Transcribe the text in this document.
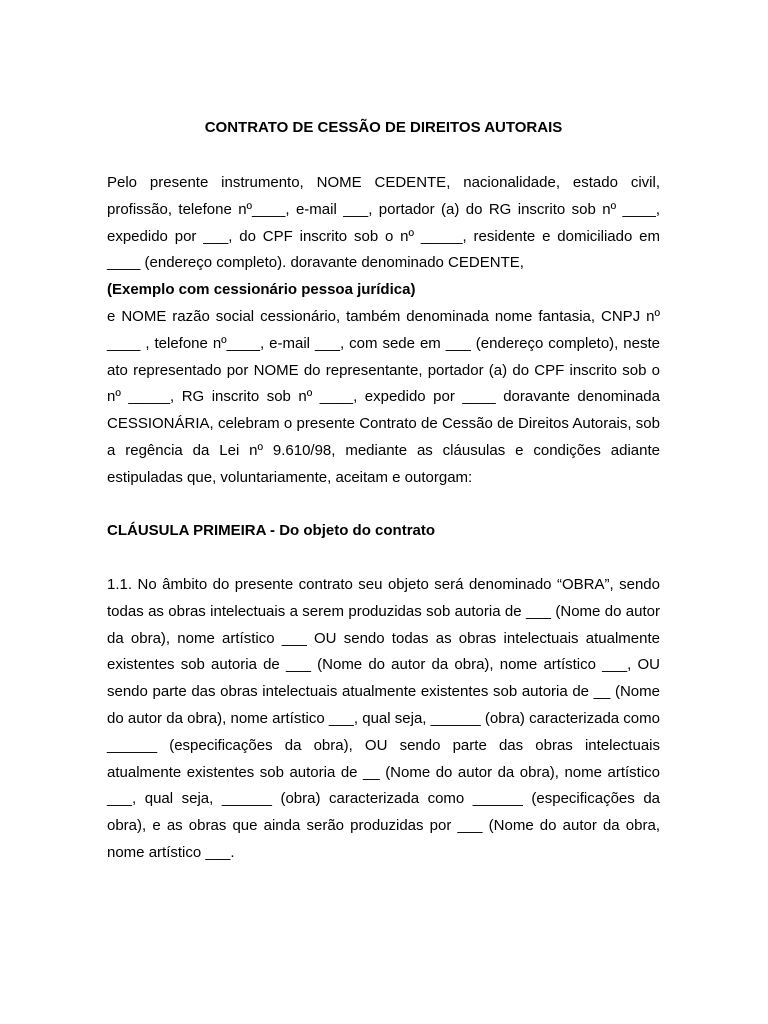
CONTRATO DE CESSÃO DE DIREITOS AUTORAIS

Pelo presente instrumento, NOME CEDENTE, nacionalidade, estado civil, profissão, telefone nº____, e-mail ___, portador (a) do RG inscrito sob nº ____, expedido por ___, do CPF inscrito sob o nº _____, residente e domiciliado em ____ (endereço completo). doravante denominado CEDENTE,

(Exemplo com cessionário pessoa jurídica)

e NOME razão social cessionário, também denominada nome fantasia, CNPJ nº ____ , telefone nº____, e-mail ___, com sede em ___ (endereço completo), neste ato representado por NOME do representante, portador (a) do CPF inscrito sob o nº _____, RG inscrito sob nº ____, expedido por ____ doravante denominada CESSIONÁRIA, celebram o presente Contrato de Cessão de Direitos Autorais, sob a regência da Lei nº 9.610/98, mediante as cláusulas e condições adiante estipuladas que, voluntariamente, aceitam e outorgam:

CLÁUSULA PRIMEIRA - Do objeto do contrato

1.1. No âmbito do presente contrato seu objeto será denominado “OBRA”, sendo todas as obras intelectuais a serem produzidas sob autoria de ___ (Nome do autor da obra), nome artístico ___ OU sendo todas as obras intelectuais atualmente existentes sob autoria de ___ (Nome do autor da obra), nome artístico ___, OU sendo parte das obras intelectuais atualmente existentes sob autoria de __ (Nome do autor da obra), nome artístico ___, qual seja, ______ (obra) caracterizada como ______ (especificações da obra), OU sendo parte das obras intelectuais atualmente existentes sob autoria de __ (Nome do autor da obra), nome artístico ___, qual seja, ______ (obra) caracterizada como ______ (especificações da obra), e as obras que ainda serão produzidas por ___ (Nome do autor da obra, nome artístico ___.
